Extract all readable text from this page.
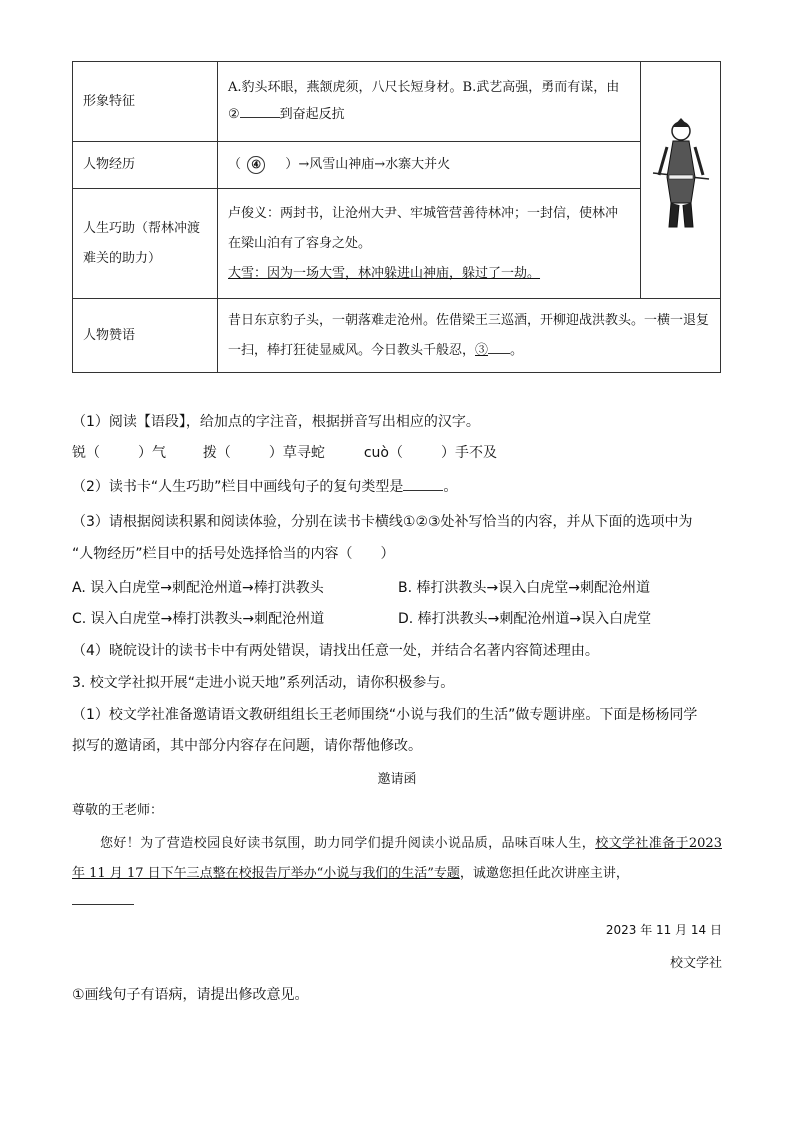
形象特征	A.豹头环眼，燕颔虎须，八尺长短身材。B.武艺高强，勇而有谋，由
② 到奋起反抗	
人物经历	（ ④ ）→风雪山神庙→水寨大并火	
人生巧助（帮林冲渡难关的助力）	卢俊义：两封书，让沧州大尹、牢城管营善待林冲；一封信，使林冲在梁山泊有了容身之处。
大雪：因为一场大雪，林冲躲进山神庙，躲过了一劫。	
人物赞语	昔日东京豹子头，一朝落难走沧州。佐借梁王三巡酒，开柳迎战洪教头。一横一退复一扫，棒打狂徒显威风。今日教头千般忍，③ 。	
（1）阅读【语段】，给加点的字注音，根据拼音写出相应的汉字。
锐（	）气	拨（	）草寻蛇	cuò（	）手不及
（2）读书卡“人生巧助”栏目中画线句子的复句类型是	。
（3）请根据阅读积累和阅读体验，分别在读书卡横线①②③处补写恰当的内容，并从下面的选项中为
“人物经历”栏目中的括号处选择恰当的内容（　　）
A. 误入白虎堂→刺配沧州道→棒打洪教头	B. 棒打洪教头→误入白虎堂→刺配沧州道
C. 误入白虎堂→棒打洪教头→刺配沧州道	D. 棒打洪教头→刺配沧州道→误入白虎堂
（4）晓皖设计的读书卡中有两处错误，请找出任意一处，并结合名著内容简述理由。
3. 校文学社拟开展“走进小说天地”系列活动，请你积极参与。
（1）校文学社准备邀请语文教研组组长王老师围绕“小说与我们的生活”做专题讲座。下面是杨杨同学
拟写的邀请函，其中部分内容存在问题，请你帮他修改。
邀请函
尊敬的王老师：
您好！为了营造校园良好读书氛围，助力同学们提升阅读小说品质，品味百味人生，校文学社准备于2023 年 11 月 17 日下午三点整在校报告厅举办“小说与我们的生活”专题，诚邀您担任此次讲座主讲，
2023 年 11 月 14 日
校文学社
①画线句子有语病，请提出修改意见。
